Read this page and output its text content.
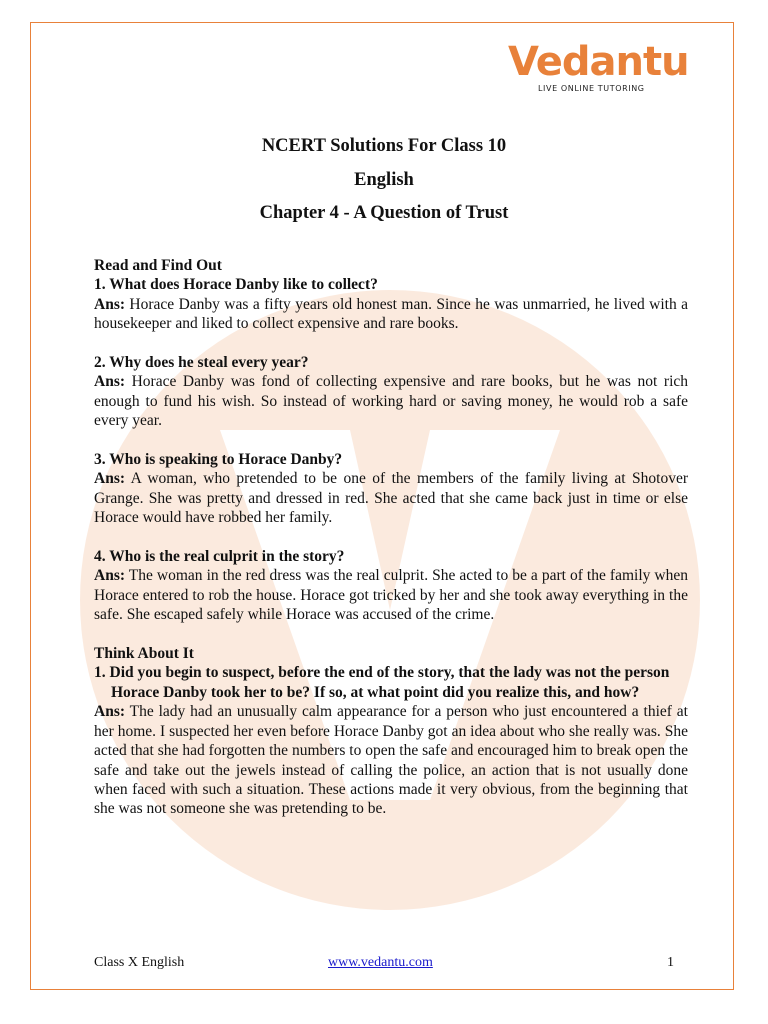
Vedantu
LIVE ONLINE TUTORING
NCERT Solutions For Class 10
English
Chapter 4 - A Question of Trust
Read and Find Out
1. What does Horace Danby like to collect?

Ans: Horace Danby was a fifty years old honest man. Since he was unmarried, he lived with a housekeeper and liked to collect expensive and rare books.

2. Why does he steal every year?

Ans: Horace Danby was fond of collecting expensive and rare books, but he was not rich enough to fund his wish. So instead of working hard or saving money, he would rob a safe every year.

3. Who is speaking to Horace Danby?

Ans: A woman, who pretended to be one of the members of the family living at Shotover Grange. She was pretty and dressed in red. She acted that she came back just in time or else Horace would have robbed her family.

4. Who is the real culprit in the story?

Ans: The woman in the red dress was the real culprit. She acted to be a part of the family when Horace entered to rob the house. Horace got tricked by her and she took away everything in the safe. She escaped safely while Horace was accused of the crime.

Think About It
1. Did you begin to suspect, before the end of the story, that the lady was not the person Horace Danby took her to be? If so, at what point did you realize this, and how?

Ans: The lady had an unusually calm appearance for a person who just encountered a thief at her home. I suspected her even before Horace Danby got an idea about who she really was. She acted that she had forgotten the numbers to open the safe and encouraged him to break open the safe and take out the jewels instead of calling the police, an action that is not usually done when faced with such a situation. These actions made it very obvious, from the beginning that she was not someone she was pretending to be.

Class X English	www.vedantu.com	1
